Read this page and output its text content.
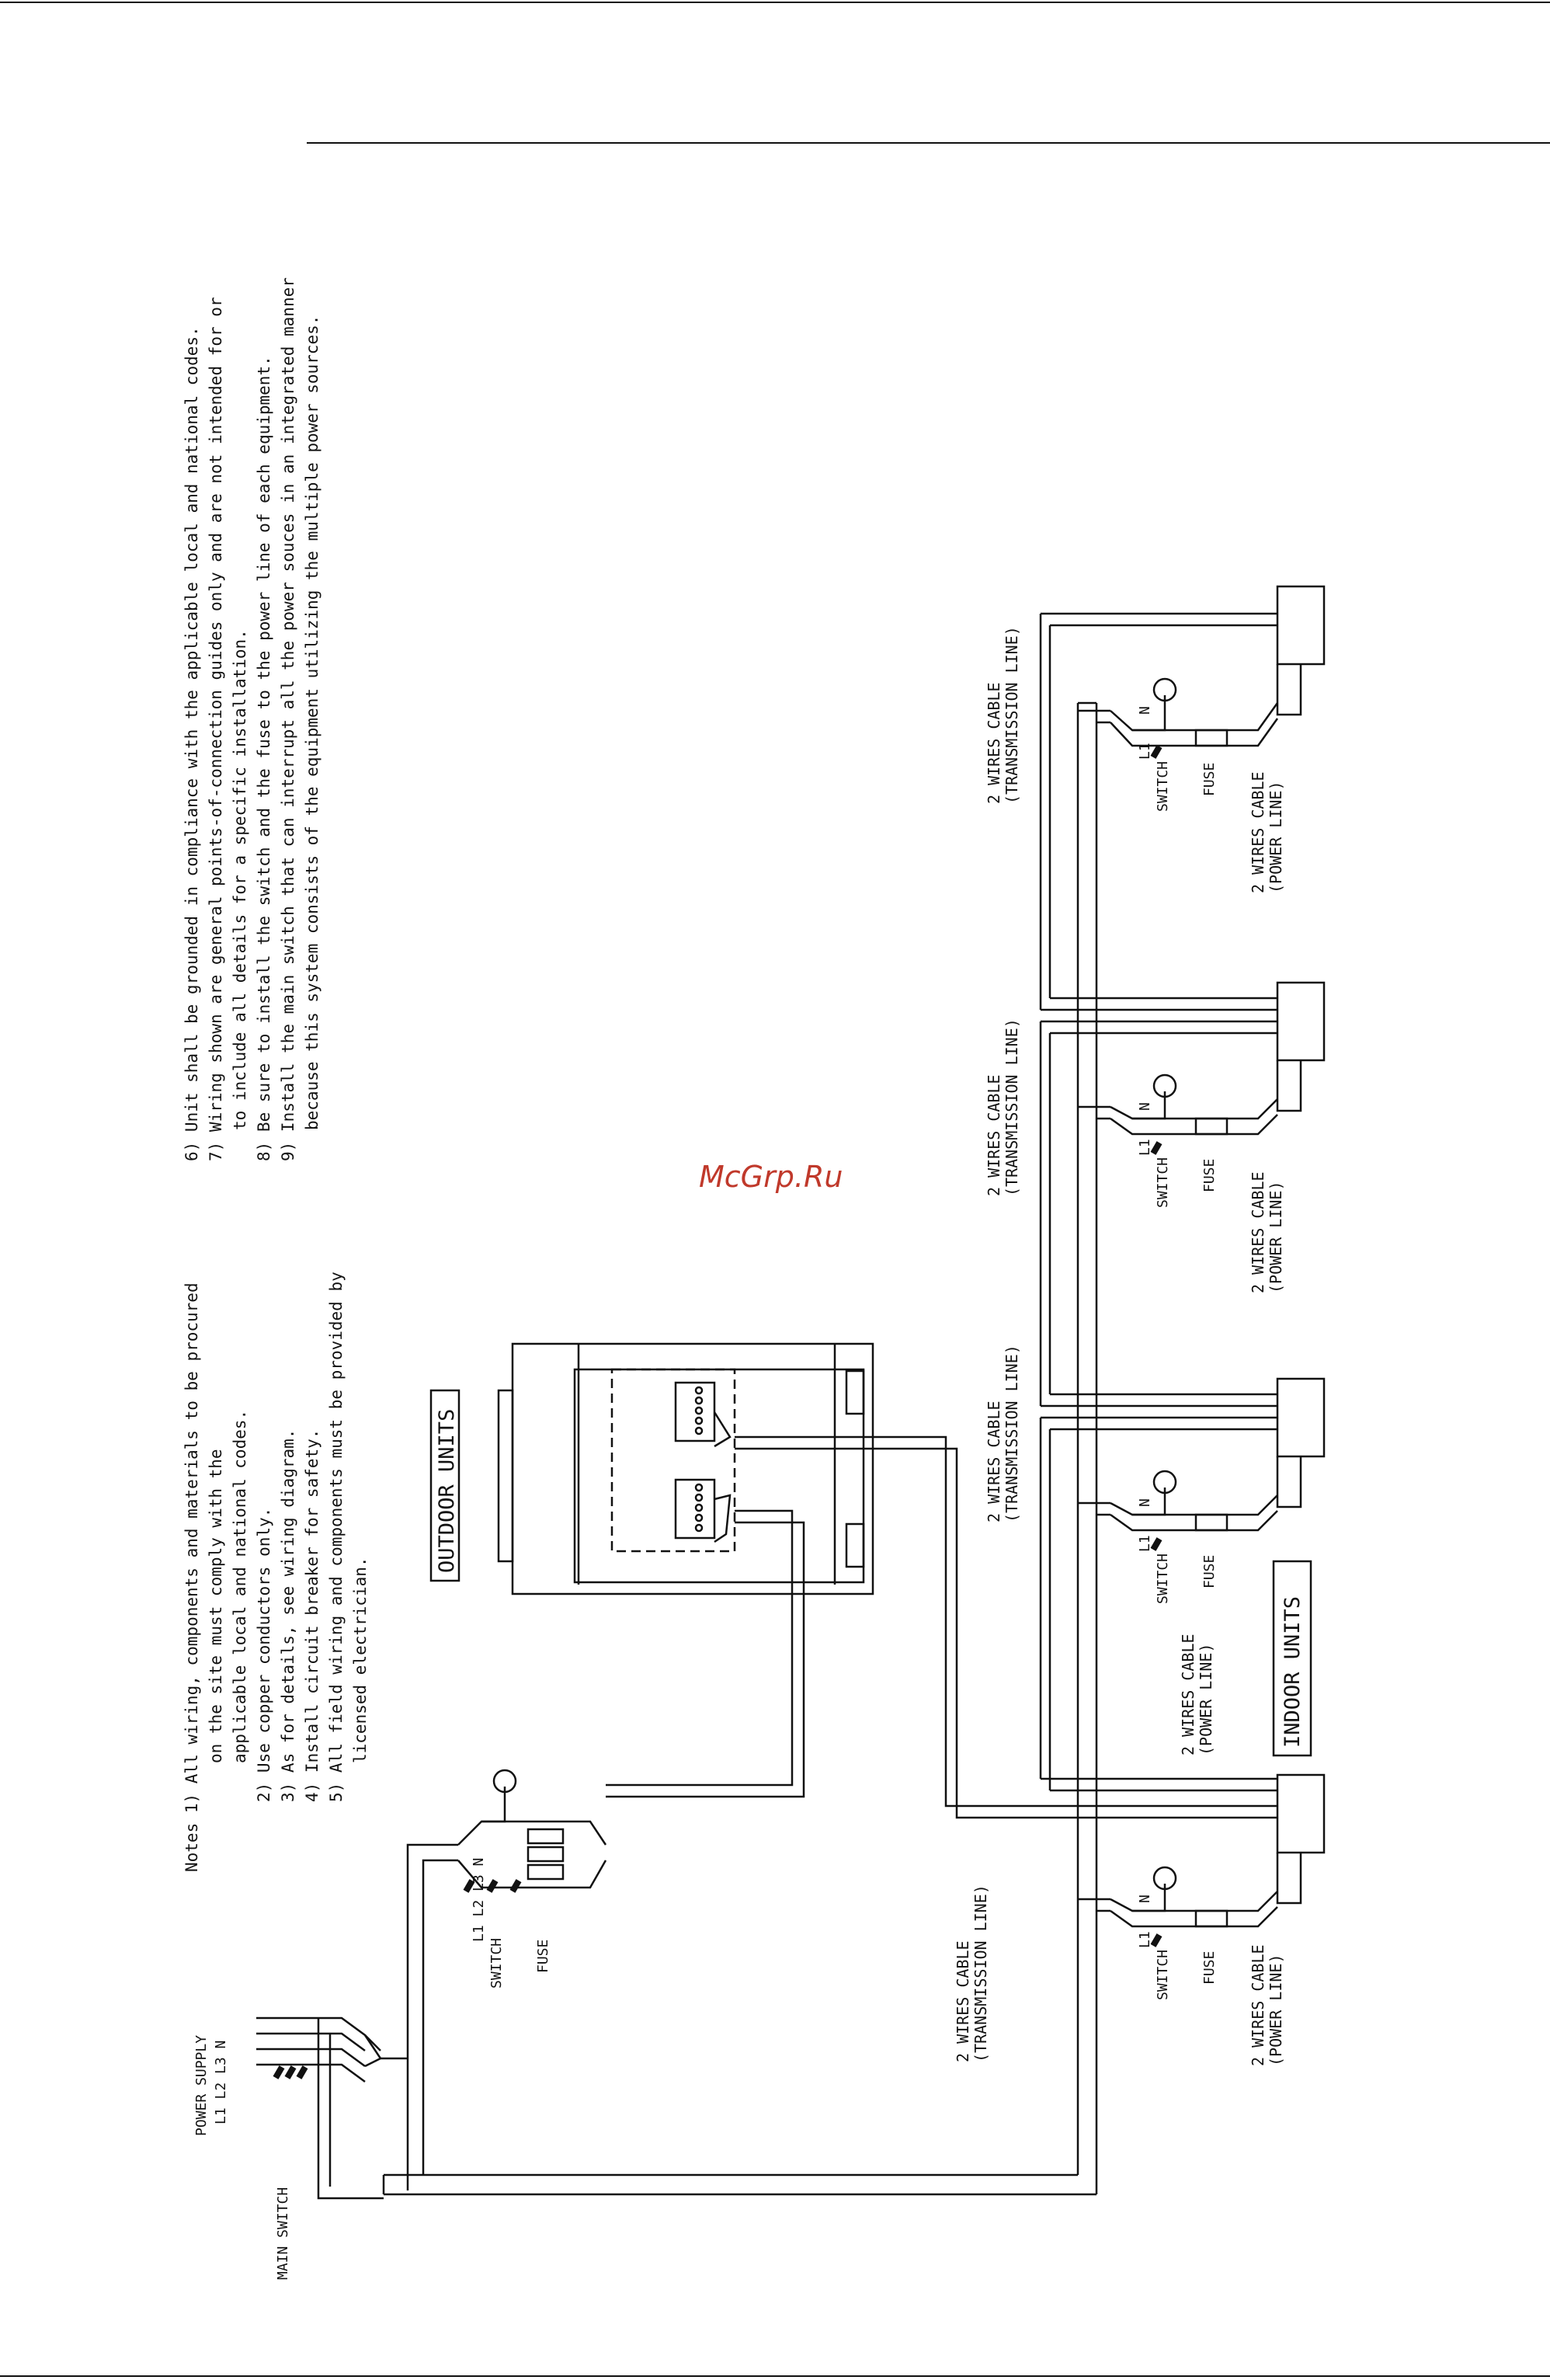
McGrp.Ru
Notes 1) All wiring, components and materials to be procured on the site must comply with the applicable local and national codes. 2) Use copper conductors only. 3) As for details, see wiring diagram. 4) Install circuit breaker for safety. 5) All field wiring and components must be provided by licensed electrician.
6) Unit shall be grounded in compliance with the applicable local and national codes. 7) Wiring shown are general points-of-connection guides only and are not intended for or to include all details for a specific installation. 8) Be sure to install the switch and the fuse to the power line of each equipment. 9) Install the main switch that can interrupt all the power souces in an integrated manner because this system consists of the equipment utilizing the multiple power sources.
OUTDOOR UNITS
INDOOR UNITS
2 WIRES CABLE (TRANSMISSION LINE)
2 WIRES CABLE (TRANSMISSION LINE)
2 WIRES CABLE (TRANSMISSION LINE)
2 WIRES CABLE (TRANSMISSION LINE)
2 WIRES CABLE (POWER LINE)
2 WIRES CABLE (POWER LINE)
2 WIRES CABLE (POWER LINE)
2 WIRES CABLE (POWER LINE)
SWITCH FUSE
L1
N
SWITCH FUSE
L1
N
SWITCH FUSE
L1
N
SWITCH FUSE
L1
N
SWITCH FUSE
L1 L2 L3 N
POWER SUPPLY L1 L2 L3 N
MAIN SWITCH
